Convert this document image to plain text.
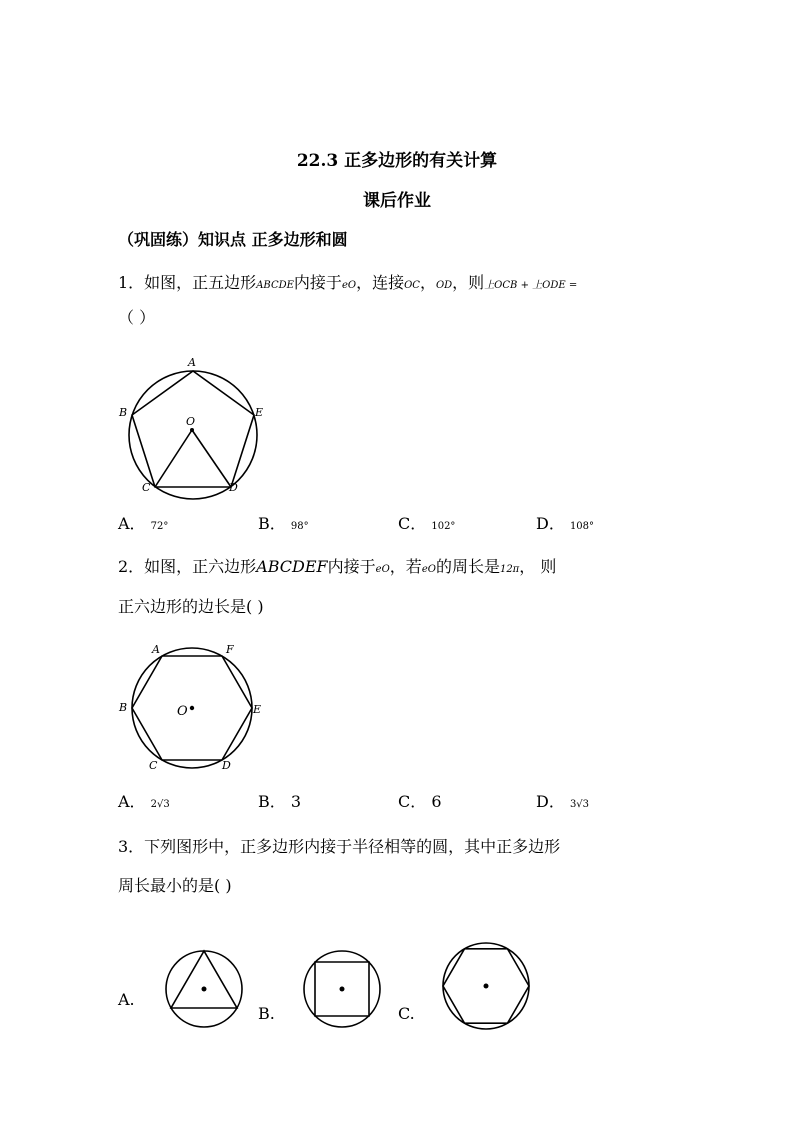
22.3 正多边形的有关计算
课后作业
（巩固练）知识点 正多边形和圆
1．如图，正五边形ABCDE内接于eO，连接OC，OD，则上OCB + 上ODE =
（ ）
A
B
C	D
E
O
A． 72°	B． 98°	C． 102°	D． 108°
2．如图，正六边形ABCDEF内接于eO，若eO的周长是12π， 则
正六边形的边长是( )
A	F
B	E
C	D
O
A． 2√3	B． 3	C． 6	D． 3√3
3．下列图形中，正多边形内接于半径相等的圆，其中正多边形
周长最小的是( )
A.
B.	C.
